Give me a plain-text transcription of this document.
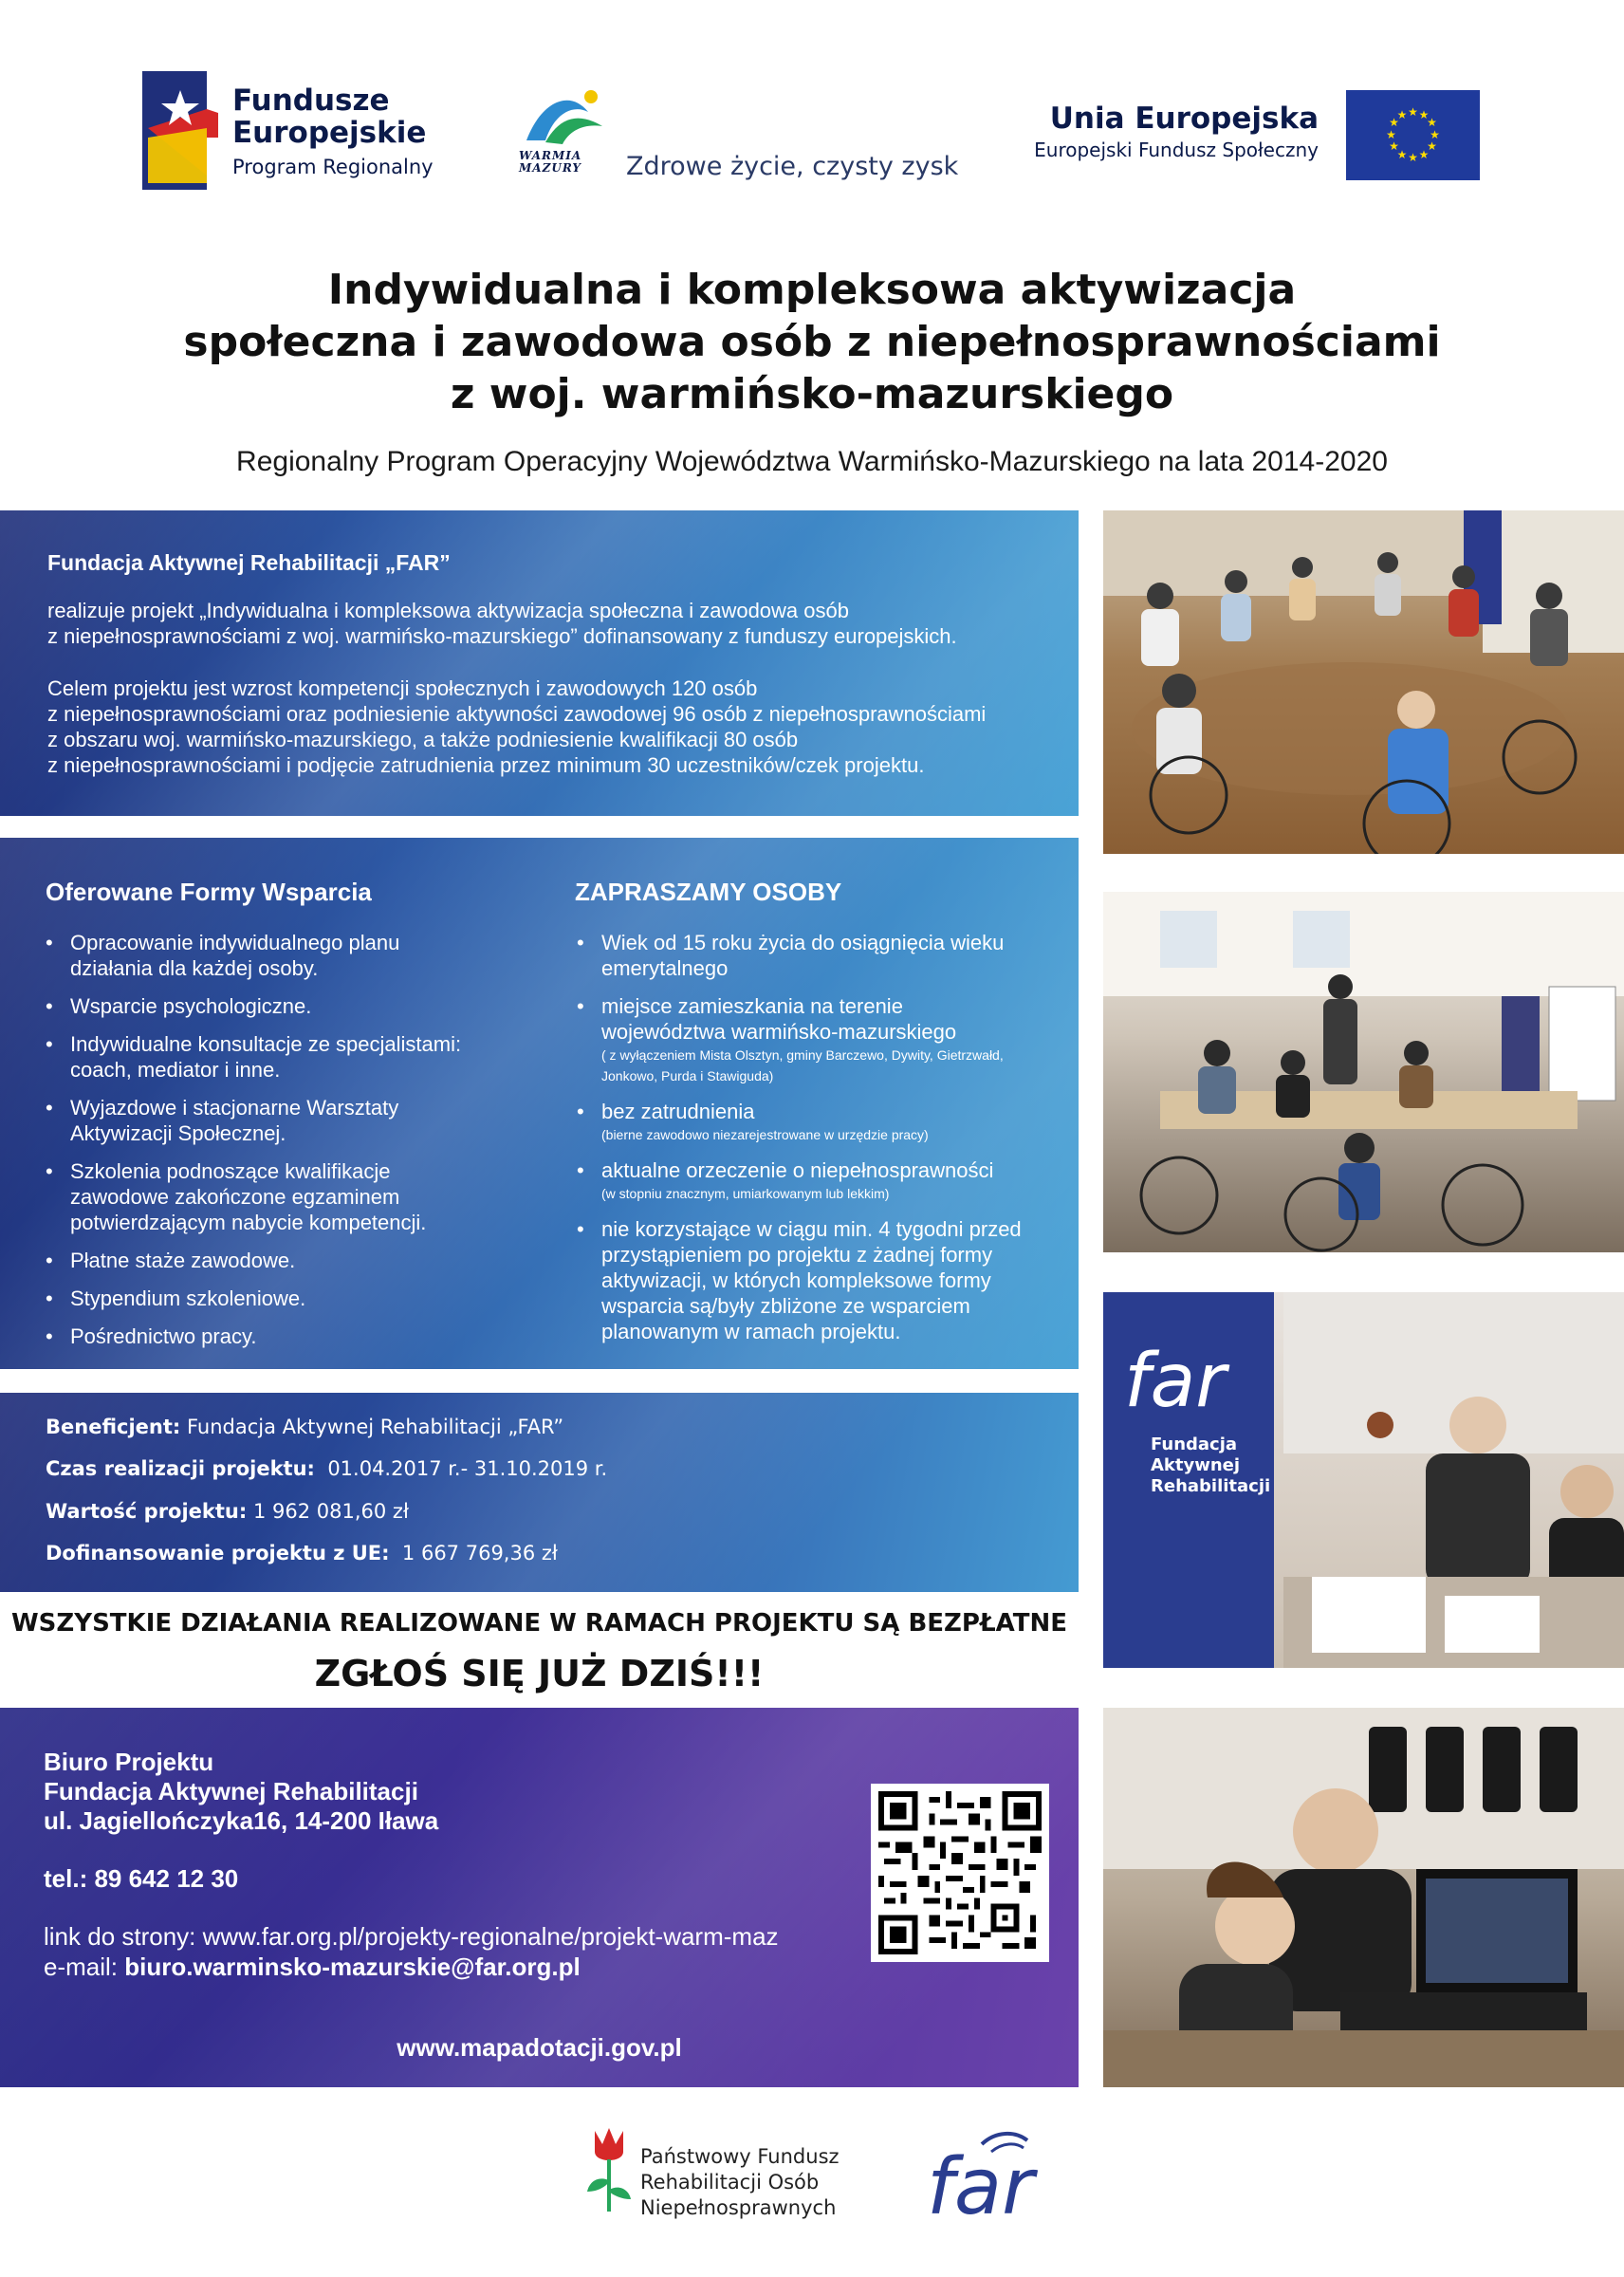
Fundusze
Europejskie
Program Regionalny	WARMIA
MAZURY Zdrowe życie, czysty zysk
Unia Europejska
Europejski Fundusz Społeczny
★ ★
★
★
★
★
★
★
★
★
★
★
Indywidualna i kompleksowa aktywizacja
społeczna i zawodowa osób z niepełnosprawnościami
z woj. warmińsko-mazurskiego
Regionalny Program Operacyjny Województwa Warmińsko-Mazurskiego na lata 2014-2020
Fundacja Aktywnej Rehabilitacji „FAR”
realizuje projekt „Indywidualna i kompleksowa aktywizacja społeczna i zawodowa osób
z niepełnosprawnościami z woj. warmińsko-mazurskiego” dofinansowany z funduszy europejskich.
Celem projektu jest wzrost kompetencji społecznych i zawodowych 120 osób
z niepełnosprawnościami oraz podniesienie aktywności zawodowej 96 osób z niepełnosprawnościami
z obszaru woj. warmińsko-mazurskiego, a także podniesienie kwalifikacji 80 osób
z niepełnosprawnościami i podjęcie zatrudnienia przez minimum 30 uczestników/czek projektu.
Oferowane Formy Wsparcia
• Opracowanie indywidualnego planu
działania dla każdej osoby.
• Wsparcie psychologiczne.
• Indywidualne konsultacje ze specjalistami:
coach, mediator i inne.
• Wyjazdowe i stacjonarne Warsztaty
Aktywizacji Społecznej.
• Szkolenia podnoszące kwalifikacje
zawodowe zakończone egzaminem
potwierdzającym nabycie kompetencji.
• Płatne staże zawodowe.
• Stypendium szkoleniowe.
• Pośrednictwo pracy.
ZAPRASZAMY OSOBY
• Wiek od 15 roku życia do osiągnięcia wieku
emerytalnego
• miejsce zamieszkania na terenie
województwa warmińsko-mazurskiego
( z wyłączeniem Mista Olsztyn, gminy Barczewo, Dywity, Gietrzwałd,
Jonkowo, Purda i Stawiguda)
• bez zatrudnienia
(bierne zawodowo niezarejestrowane w urzędzie pracy)
• aktualne orzeczenie o niepełnosprawności
(w stopniu znacznym, umiarkowanym lub lekkim)
• nie korzystające w ciągu min. 4 tygodni przed
przystąpieniem po projektu z żadnej formy
aktywizacji, w których kompleksowe formy
wsparcia są/były zbliżone ze wsparciem
planowanym w ramach projektu.
Beneficjent: Fundacja Aktywnej Rehabilitacji „FAR”
Czas realizacji projektu: 01.04.2017 r.- 31.10.2019 r.
Wartość projektu: 1 962 081,60 zł
Dofinansowanie projektu z UE: 1 667 769,36 zł
WSZYSTKIE DZIAŁANIA REALIZOWANE W RAMACH PROJEKTU SĄ BEZPŁATNE
ZGŁOŚ SIĘ JUŻ DZIŚ!!!
Biuro Projektu
Fundacja Aktywnej Rehabilitacji
ul. Jagiellończyka16, 14-200 Iława
tel.: 89 642 12 30
link do strony: www.far.org.pl/projekty-regionalne/projekt-warm-maz
e-mail: biuro.warminsko-mazurskie@far.org.pl
www.mapadotacji.gov.pl
far
Fundacja Aktywnej Rehabilitacji
Państwowy Fundusz
Rehabilitacji Osób
Niepełnosprawnych far
